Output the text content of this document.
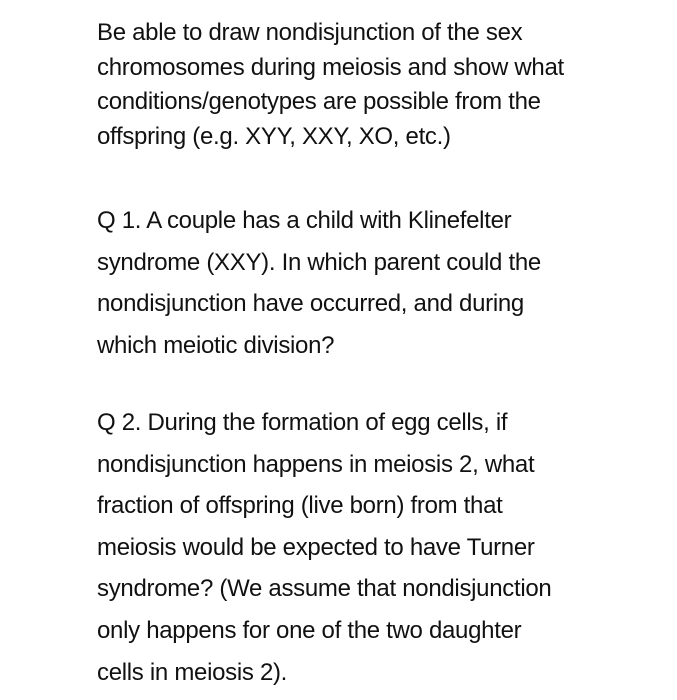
Be able to draw nondisjunction of the sex
chromosomes during meiosis and show what
conditions/genotypes are possible from the
offspring (e.g. XYY, XXY, XO, etc.)

Q 1. A couple has a child with Klinefelter
syndrome (XXY). In which parent could the
nondisjunction have occurred, and during
which meiotic division?

Q 2. During the formation of egg cells, if
nondisjunction happens in meiosis 2, what
fraction of offspring (live born) from that
meiosis would be expected to have Turner
syndrome? (We assume that nondisjunction
only happens for one of the two daughter
cells in meiosis 2).
